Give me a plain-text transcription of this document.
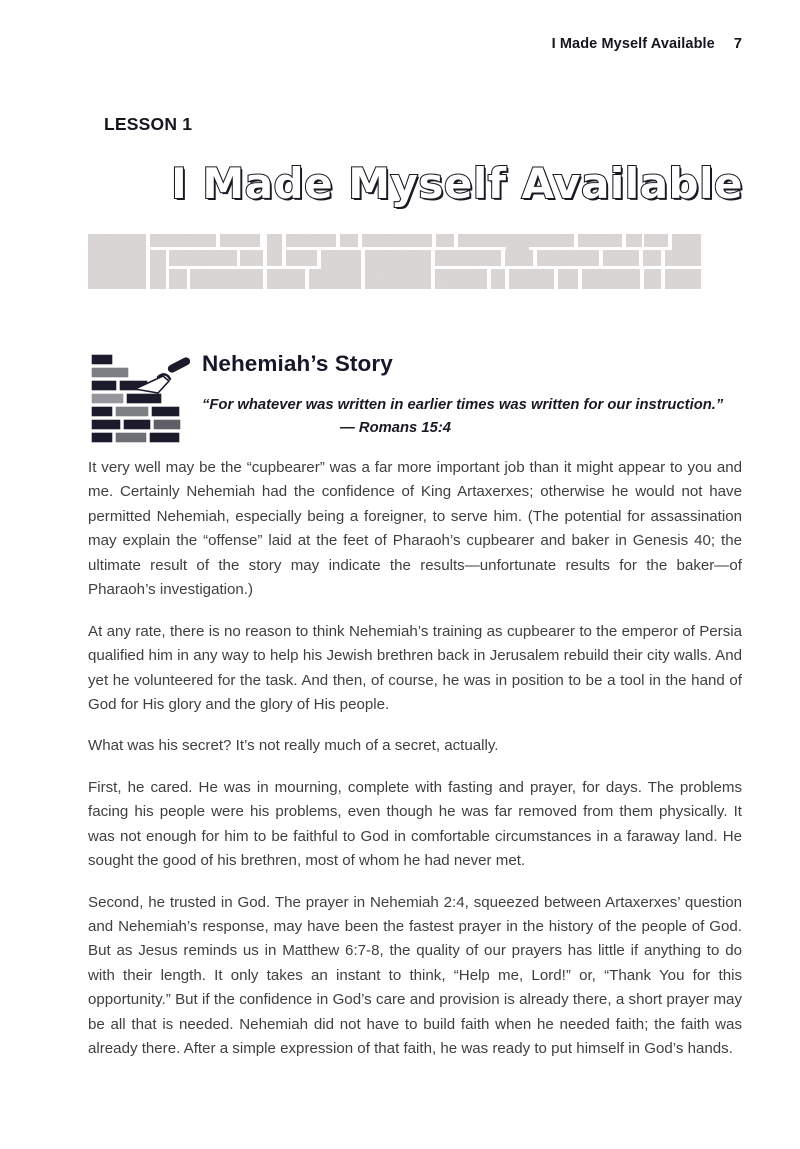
I Made Myself Available 7
LESSON 1
I Made Myself Available
Nehemiah’s Story
“For whatever was written in earlier times was written for our instruction.”— Romans 15:4

It very well may be the “cupbearer” was a far more important job than it might appear to you and me. Certainly Nehemiah had the confidence of King Artaxerxes; otherwise he would not have permitted Nehemiah, especially being a foreigner, to serve him. (The potential for assassination may explain the “offense” laid at the feet of Pharaoh’s cupbearer and baker in Genesis 40; the ultimate result of the story may indicate the results—unfortunate results for the baker—of Pharaoh’s investigation.)

At any rate, there is no reason to think Nehemiah’s training as cupbearer to the emperor of Persia qualified him in any way to help his Jewish brethren back in Jerusalem rebuild their city walls. And yet he volunteered for the task. And then, of course, he was in position to be a tool in the hand of God for His glory and the glory of His people.

What was his secret? It’s not really much of a secret, actually.

First, he cared. He was in mourning, complete with fasting and prayer, for days. The problems facing his people were his problems, even though he was far removed from them physically. It was not enough for him to be faithful to God in comfortable circumstances in a faraway land. He sought the good of his brethren, most of whom he had never met.

Second, he trusted in God. The prayer in Nehemiah 2:4, squeezed between Artaxerxes’ question and Nehemiah’s response, may have been the fastest prayer in the history of the people of God. But as Jesus reminds us in Matthew 6:7-8, the quality of our prayers has little if anything to do with their length. It only takes an instant to think, “Help me, Lord!” or, “Thank You for this opportunity.” But if the confidence in God’s care and provision is already there, a short prayer may be all that is needed. Nehemiah did not have to build faith when he needed faith; the faith was already there. After a simple expression of that faith, he was ready to put himself in God’s hands.
